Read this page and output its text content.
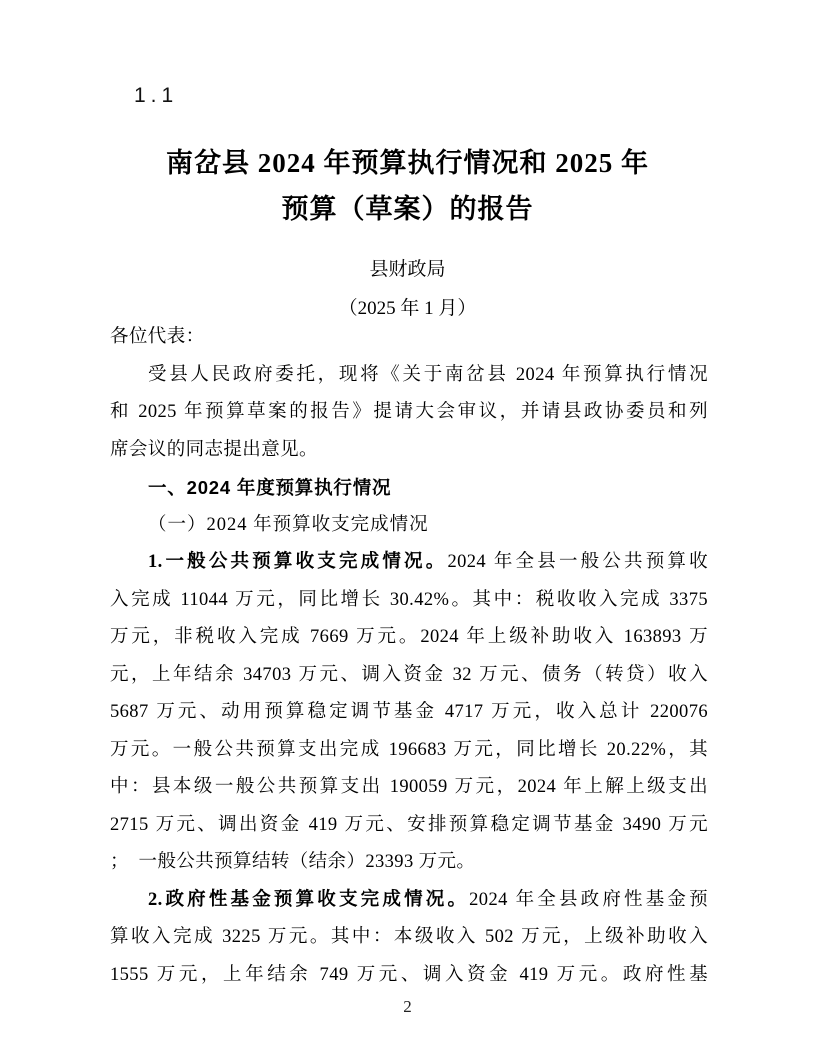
1.1
南岔县 2024 年预算执行情况和 2025 年
预算（草案）的报告
县财政局
（2025 年 1 月）
各位代表：
受县人民政府委托，现将《关于南岔县 2024 年预算执行情况
和 2025 年预算草案的报告》提请大会审议，并请县政协委员和列
席会议的同志提出意见。
一、2024 年度预算执行情况
（一）2024 年预算收支完成情况
1.一般公共预算收支完成情况。2024 年全县一般公共预算收
入完成 11044 万元，同比增长 30.42%。其中：税收收入完成 3375
万元，非税收入完成 7669 万元。2024 年上级补助收入 163893 万
元，上年结余 34703 万元、调入资金 32 万元、债务（转贷）收入
5687 万元、动用预算稳定调节基金 4717 万元，收入总计 220076
万元。一般公共预算支出完成 196683 万元，同比增长 20.22%，其
中：县本级一般公共预算支出 190059 万元，2024 年上解上级支出
2715 万元、调出资金 419 万元、安排预算稳定调节基金 3490 万元
；　一般公共预算结转（结余）23393 万元。
2.政府性基金预算收支完成情况。2024 年全县政府性基金预
算收入完成 3225 万元。其中：本级收入 502 万元，上级补助收入
1555 万元，上年结余 749 万元、调入资金 419 万元。政府性基
2
